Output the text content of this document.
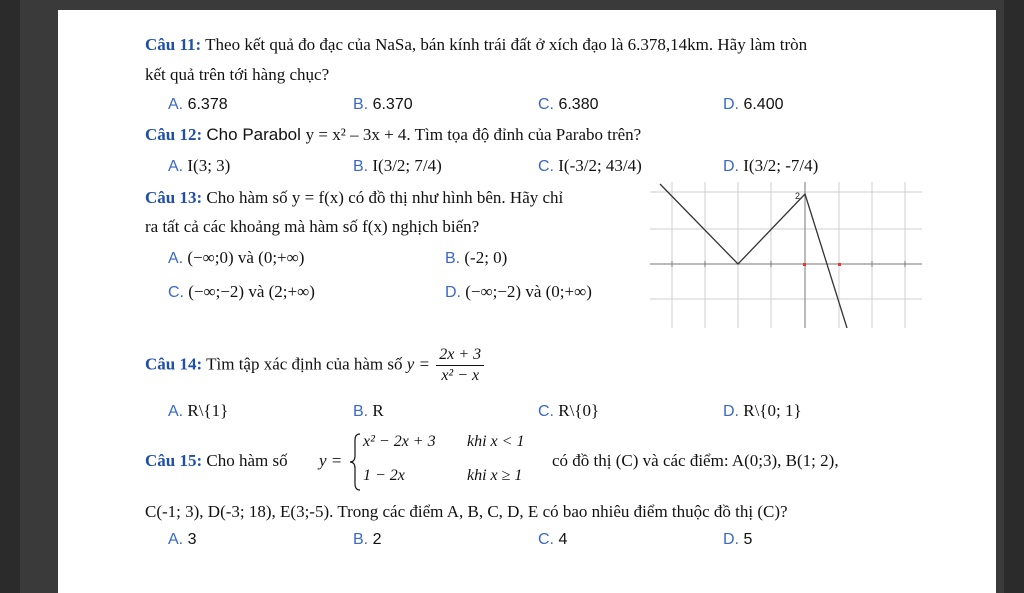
Câu 11: Theo kết quả đo đạc của NaSa, bán kính trái đất ở xích đạo là 6.378,14km. Hãy làm tròn
kết quả trên tới hàng chục?
A. 6.378	B. 6.370	C. 6.380	D. 6.400
Câu 12: Cho Parabol y = x² – 3x + 4. Tìm tọa độ đỉnh của Parabo trên?
A. I(3; 3)	B. I(3/2; 7/4)	C. I(-3/2; 43/4)	D. I(3/2; -7/4)
Câu 13: Cho hàm số y = f(x) có đồ thị như hình bên. Hãy chỉ
ra tất cả các khoảng mà hàm số f(x) nghịch biến?
A. (−∞;0) và (0;+∞)	B. (-2; 0)
C. (−∞;−2) và (2;+∞)	D. (−∞;−2) và (0;+∞)
2
Câu 14: Tìm tập xác định của hàm số $y = \frac{2x + 3}{\text{x² − x}}$
A. R\{1}	B. R	C. R\{0}	D. R\{0; 1}
Câu 15: Cho hàm số y =
x² − 2x + 3 khi x < 1
1 − 2x	khi x ≥ 1
có đồ thị (C) và các điểm: A(0;3), B(1; 2),
C(-1; 3), D(-3; 18), E(3;-5). Trong các điểm A, B, C, D, E có bao nhiêu điểm thuộc đồ thị (C)?
A. 3	B. 2	C. 4	D. 5
